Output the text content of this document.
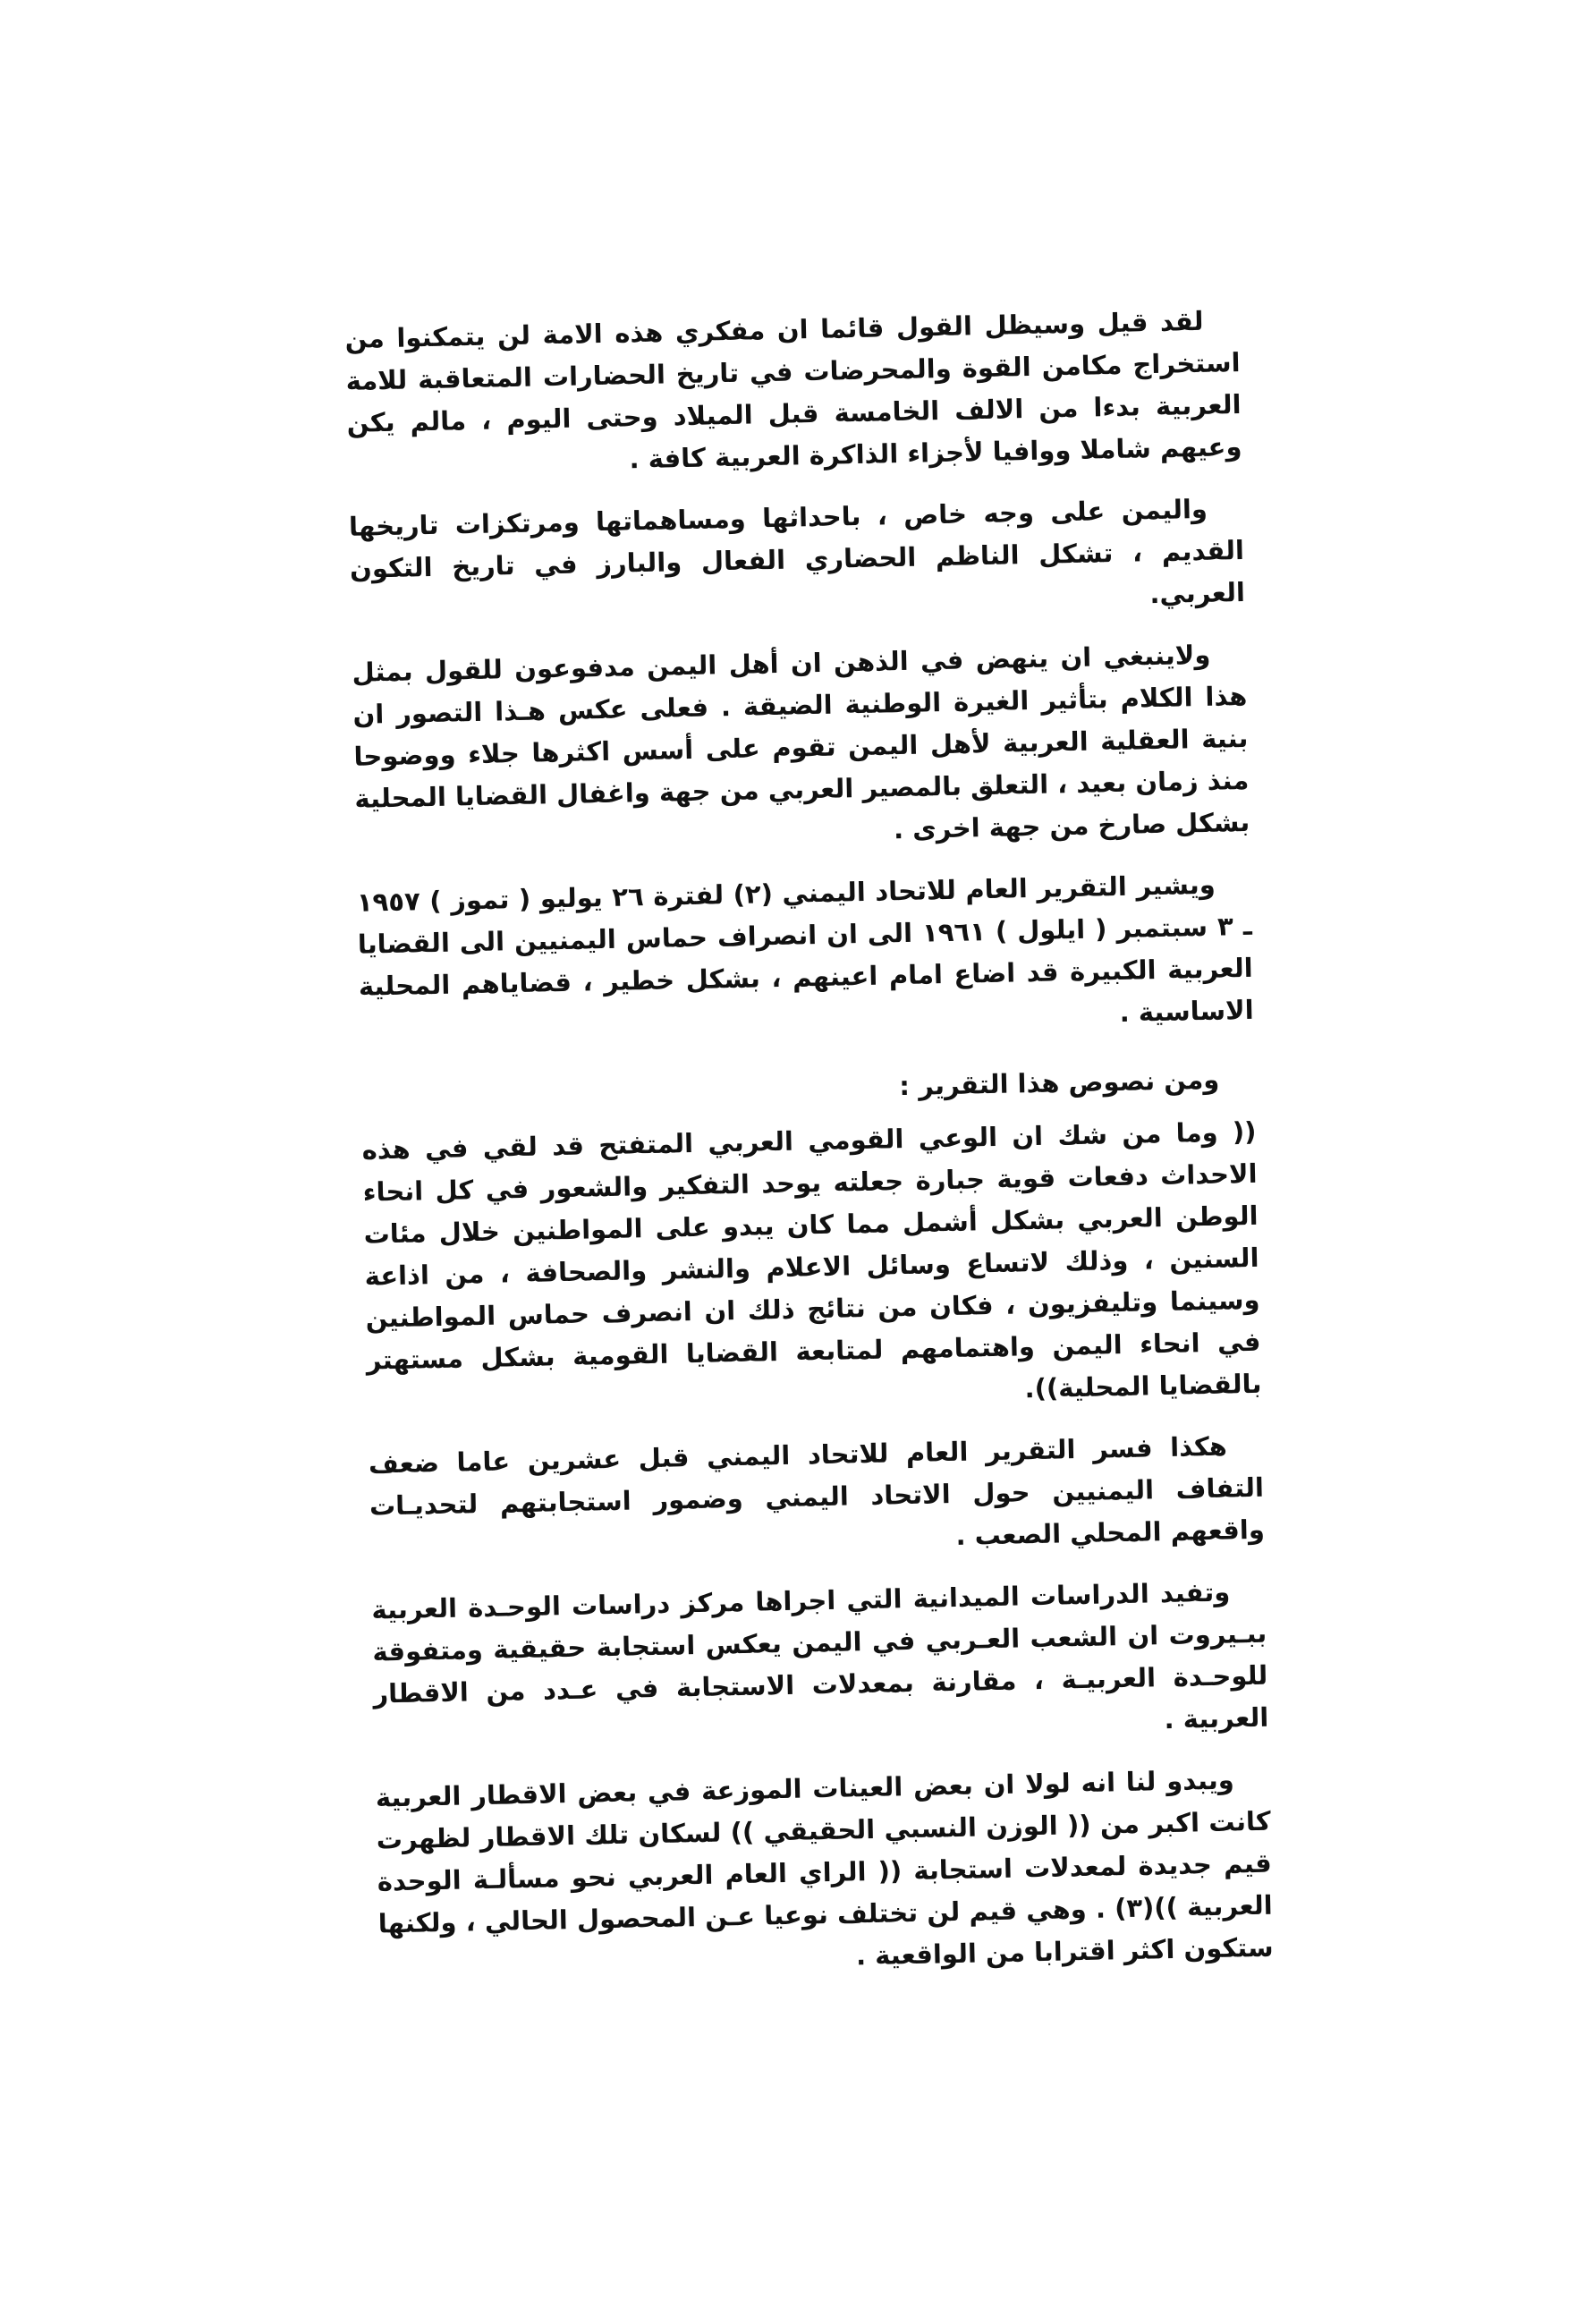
لقد قيل وسيظل القول قائما ان مفكري هذه الامة لن يتمكنوا من استخراج مكامن القوة والمحرضات في تاريخ الحضارات المتعاقبة للامة العربية بدءا من الالف الخامسة قبل الميلاد وحتى اليوم ، مالم يكن وعيهم شاملا ووافيا لأجزاء الذاكرة العربية كافة .

واليمن على وجه خاص ، باحداثها ومساهماتها ومرتكزات تاريخها القديم ، تشكل الناظم الحضاري الفعال والبارز في تاريخ التكون العربي.

ولاينبغي ان ينهض في الذهن ان أهل اليمن مدفوعون للقول بمثل هذا الكلام بتأثير الغيرة الوطنية الضيقة . فعلى عكس هـذا التصور ان بنية العقلية العربية لأهل اليمن تقوم على أسس اكثرها جلاء ووضوحا منذ زمان بعيد ، التعلق بالمصير العربي من جهة واغفال القضايا المحلية بشكل صارخ من جهة اخرى .

ويشير التقرير العام للاتحاد اليمني (٢) لفترة ٢٦ يوليو ( تموز ) ١٩٥٧ ـ ٣ سبتمبر ( ايلول ) ١٩٦١ الى ان انصراف حماس اليمنيين الى القضايا العربية الكبيرة قد اضاع امام اعينهم ، بشكل خطير ، قضاياهم المحلية الاساسية .

ومن نصوص هذا التقرير :

(( وما من شك ان الوعي القومي العربي المتفتح قد لقي في هذه الاحداث دفعات قوية جبارة جعلته يوحد التفكير والشعور في كل انحاء الوطن العربي بشكل أشمل مما كان يبدو على المواطنين خلال مئات السنين ، وذلك لاتساع وسائل الاعلام والنشر والصحافة ، من اذاعة وسينما وتليفزيون ، فكان من نتائج ذلك ان انصرف حماس المواطنين في انحاء اليمن واهتمامهم لمتابعة القضايا القومية بشكل مستهتر بالقضايا المحلية)).

هكذا فسر التقرير العام للاتحاد اليمني قبل عشرين عاما ضعف التفاف اليمنيين حول الاتحاد اليمني وضمور استجابتهم لتحديـات واقعهم المحلي الصعب .

وتفيد الدراسات الميدانية التي اجراها مركز دراسات الوحـدة العربية ببـيروت ان الشعب العـربي في اليمن يعكس استجابة حقيقية ومتفوقة للوحـدة العربيـة ، مقارنة بمعدلات الاستجابة في عـدد من الاقطار العربية .

ويبدو لنا انه لولا ان بعض العينات الموزعة في بعض الاقطار العربية كانت اكبر من (( الوزن النسبي الحقيقي )) لسكان تلك الاقطار لظهرت قيم جديدة لمعدلات استجابة (( الراي العام العربي نحو مسألـة الوحدة العربية ))(٣) . وهي قيم لن تختلف نوعيا عـن المحصول الحالي ، ولكنها ستكون اكثر اقترابا من الواقعية .
